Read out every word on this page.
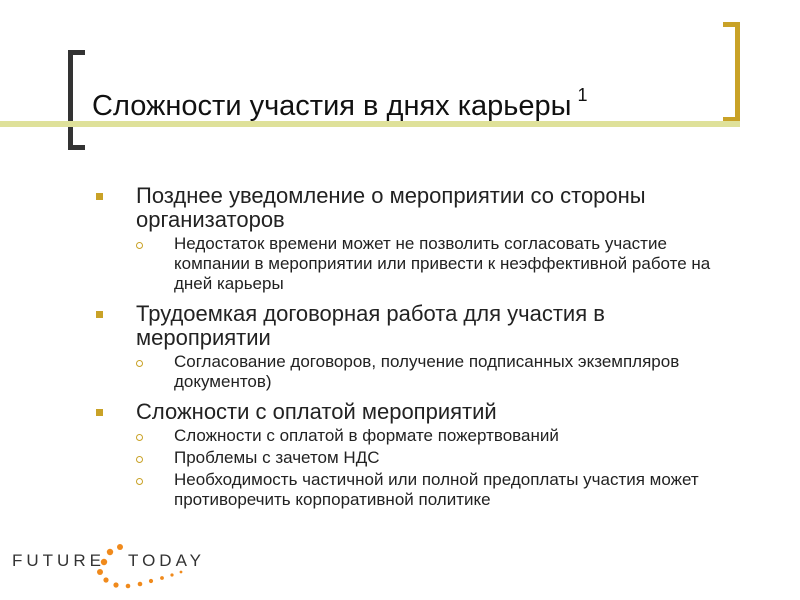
Сложности участия в днях карьеры $^1$
Позднее уведомление о мероприятии со стороны организаторов
Недостаток времени может не позволить согласовать участие компании в мероприятии или привести к неэффективной работе на дней карьеры
Трудоемкая договорная работа для участия в мероприятии
Согласование договоров, получение подписанных экземпляров документов)
Сложности с оплатой мероприятий
Сложности с оплатой в формате пожертвований
Проблемы с зачетом НДС
Необходимость частичной или полной предоплаты участия может противоречить корпоративной политике
FUTURE TODAY
